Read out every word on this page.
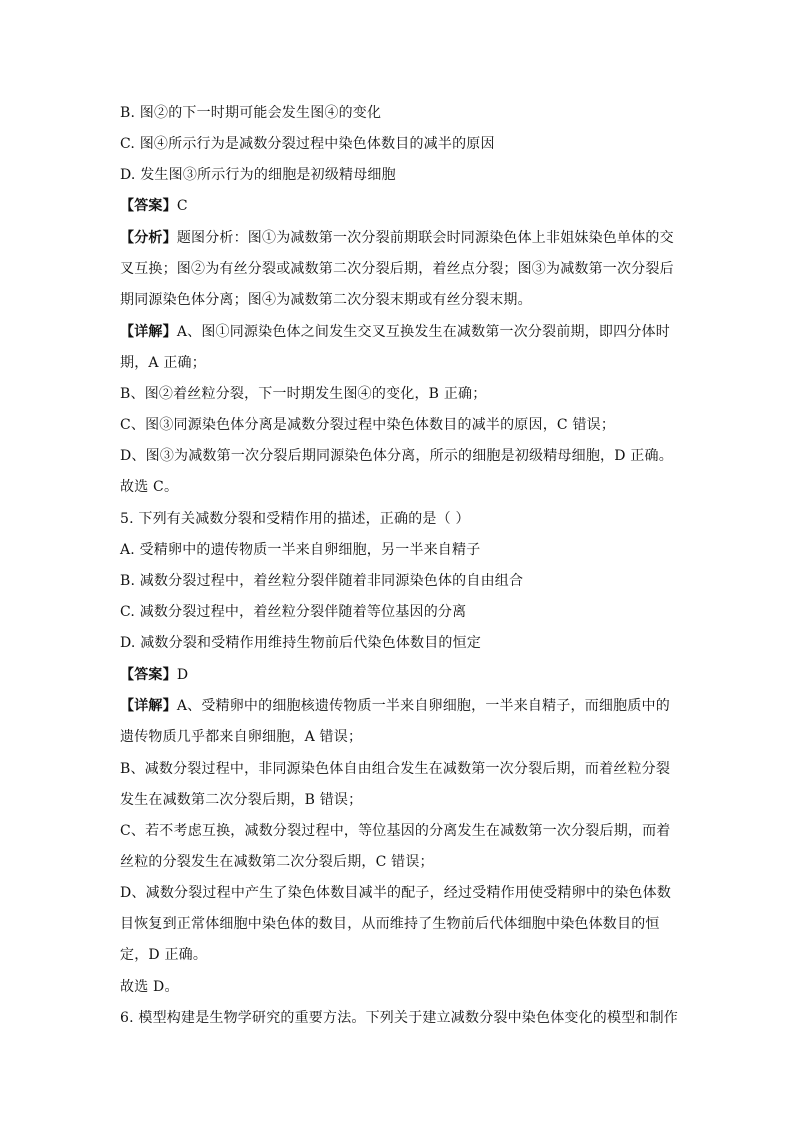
B. 图②的下一时期可能会发生图④的变化
C. 图④所示行为是减数分裂过程中染色体数目的减半的原因
D. 发生图③所示行为的细胞是初级精母细胞
【答案】C
【分析】题图分析：图①为减数第一次分裂前期联会时同源染色体上非姐妹染色单体的交
叉互换；图②为有丝分裂或减数第二次分裂后期，着丝点分裂；图③为减数第一次分裂后
期同源染色体分离；图④为减数第二次分裂末期或有丝分裂末期。
【详解】A、图①同源染色体之间发生交叉互换发生在减数第一次分裂前期，即四分体时
期，A 正确；
B、图②着丝粒分裂，下一时期发生图④的变化，B 正确；
C、图③同源染色体分离是减数分裂过程中染色体数目的减半的原因，C 错误；
D、图③为减数第一次分裂后期同源染色体分离，所示的细胞是初级精母细胞，D 正确。
故选 C。
5. 下列有关减数分裂和受精作用的描述，正确的是（ ）
A. 受精卵中的遗传物质一半来自卵细胞，另一半来自精子
B. 减数分裂过程中，着丝粒分裂伴随着非同源染色体的自由组合
C. 减数分裂过程中，着丝粒分裂伴随着等位基因的分离
D. 减数分裂和受精作用维持生物前后代染色体数目的恒定
【答案】D
【详解】A、受精卵中的细胞核遗传物质一半来自卵细胞，一半来自精子，而细胞质中的
遗传物质几乎都来自卵细胞，A 错误；
B、减数分裂过程中，非同源染色体自由组合发生在减数第一次分裂后期，而着丝粒分裂
发生在减数第二次分裂后期，B 错误；
C、若不考虑互换，减数分裂过程中，等位基因的分离发生在减数第一次分裂后期，而着
丝粒的分裂发生在减数第二次分裂后期，C 错误；
D、减数分裂过程中产生了染色体数目减半的配子，经过受精作用使受精卵中的染色体数
目恢复到正常体细胞中染色体的数目，从而维持了生物前后代体细胞中染色体数目的恒
定，D 正确。
故选 D。
6. 模型构建是生物学研究的重要方法。下列关于建立减数分裂中染色体变化的模型和制作
